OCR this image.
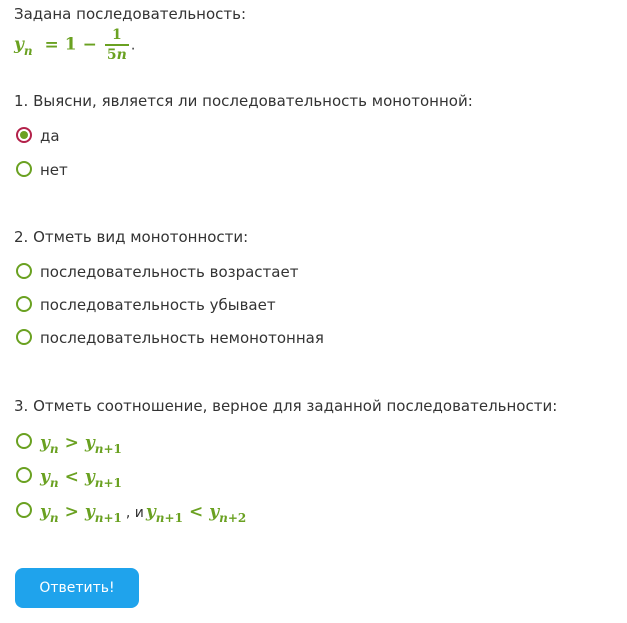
Задана последовательность:
$y_n = 1 - \frac{1}{5n}$ .
1. Выясни, является ли последовательность монотонной:
да
нет
2. Отметь вид монотонности:
последовательность возрастает
последовательность убывает
последовательность немонотонная
3. Отметь соотношение, верное для заданной последовательности:
$y_n > y_{n+1}$
$y_n < y_{n+1}$
$y_n > y_{n+1}$ , и $y_{n+1} < y_{n+2}$
Ответить!
